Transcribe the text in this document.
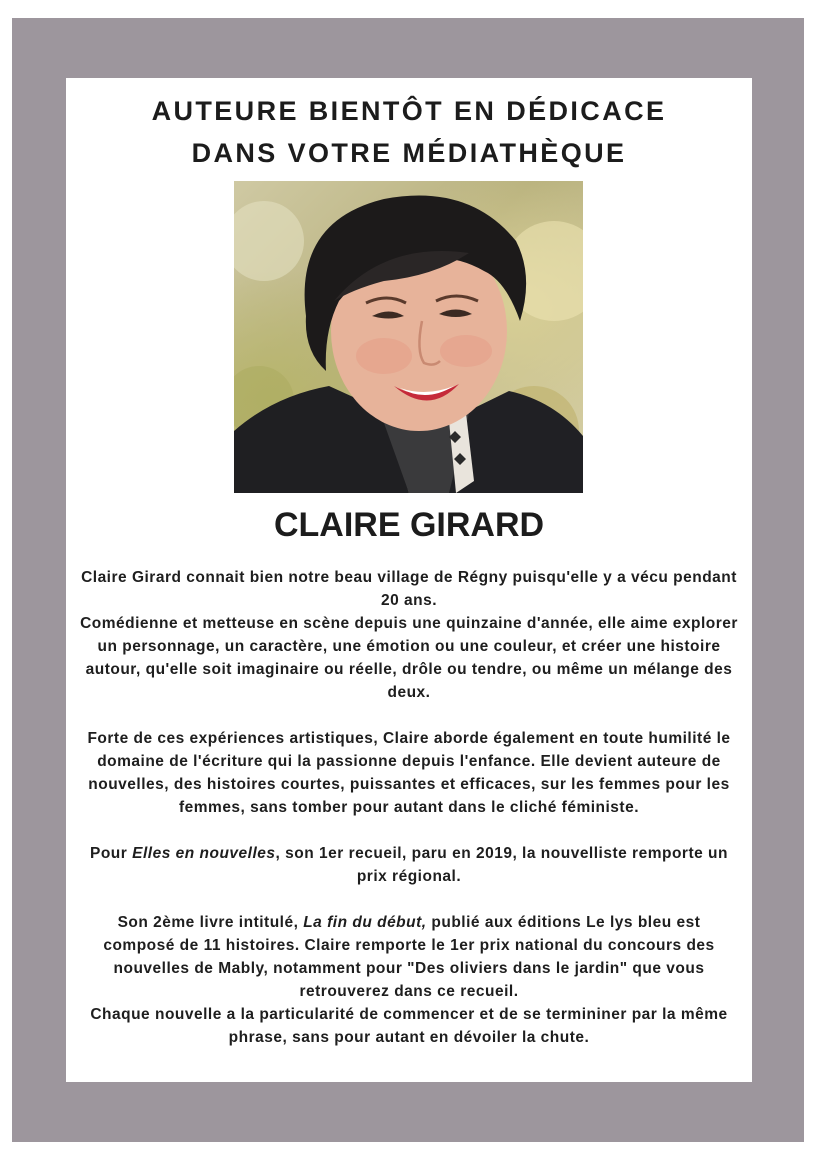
AUTEURE BIENTÔT EN DÉDICACE
DANS VOTRE MÉDIATHÈQUE
CLAIRE GIRARD

Claire Girard connait bien notre beau village de Régny puisqu'elle y a vécu pendant 20 ans.
Comédienne et metteuse en scène depuis une quinzaine d'année, elle aime explorer un personnage, un caractère, une émotion ou une couleur, et créer une histoire autour, qu'elle soit imaginaire ou réelle, drôle ou tendre, ou même un mélange des deux.

Forte de ces expériences artistiques, Claire aborde également en toute humilité le domaine de l'écriture qui la passionne depuis l'enfance. Elle devient auteure de nouvelles, des histoires courtes, puissantes et efficaces, sur les femmes pour les femmes, sans tomber pour autant dans le cliché féministe.

Pour Elles en nouvelles, son 1er recueil, paru en 2019, la nouvelliste remporte un prix régional.

Son 2ème livre intitulé, La fin du début, publié aux éditions Le lys bleu est composé de 11 histoires. Claire remporte le 1er prix national du concours des nouvelles de Mably, notamment pour "Des oliviers dans le jardin" que vous retrouverez dans ce recueil.
Chaque nouvelle a la particularité de commencer et de se termininer par la même phrase, sans pour autant en dévoiler la chute.
